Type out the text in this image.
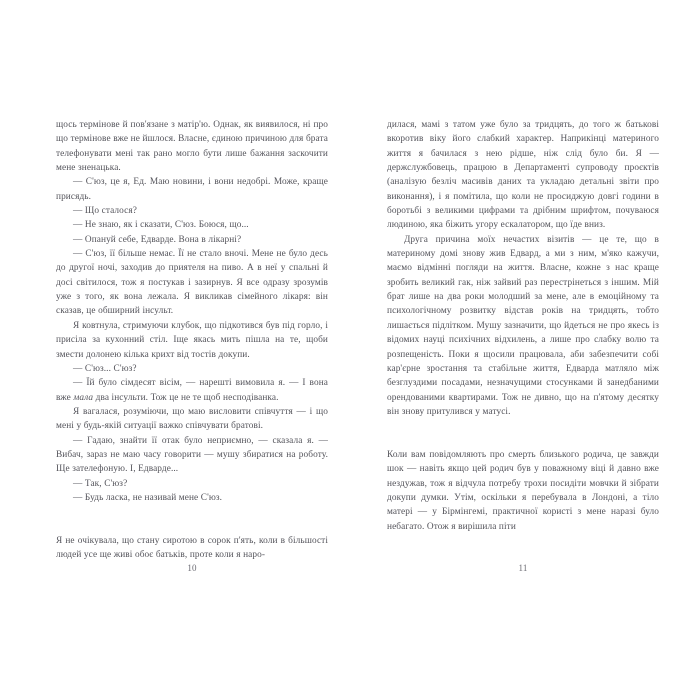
щось термінове й пов'язане з матір'ю. Однак, як виявилося, ні про що термінове вже не йшлося. Власне, єдиною причиною для брата телефонувати мені так рано могло бути лише бажання заскочити мене зненацька.

— С'юз, це я, Ед. Маю новини, і вони недобрі. Може, краще присядь.

— Що сталося?

— Не знаю, як і сказати, С'юз. Боюся, що...

— Опануй себе, Едварде. Вона в лікарні?

— С'юз, її більше немає. Її не стало вночі. Мене не було десь до другої ночі, заходив до приятеля на пиво. А в неї у спальні й досі світилося, тож я постукав і зазирнув. Я все одразу зрозумів уже з того, як вона лежала. Я викликав сімейного лікаря: він сказав, це обширний інсульт.

Я ковтнула, стримуючи клубок, що підкотився був під горло, і присіла за кухонний стіл. Іще якась мить пішла на те, щоби змести долонею кілька крихт від тостів докупи.

— С'юз... С'юз?

— Їй було сімдесят вісім, — нарешті вимовила я. — І вона вже мала два інсульти. Тож це не те щоб несподіванка.

Я вагалася, розуміючи, що маю висловити співчуття — і що мені у будь-якій ситуації важко співчувати братові.

— Гадаю, знайти її отак було неприємно, — сказала я. — Вибач, зараз не маю часу говорити — мушу збиратися на роботу. Ще зателефоную. І, Едварде...

— Так, С'юз?

— Будь ласка, не називай мене С'юз.

Я не очікувала, що стану сиротою в сорок п'ять, коли в більшості людей усе ще живі обоє батьків, проте коли я наро-

10

дилася, мамі з татом уже було за тридцять, до того ж батькові вкоротив віку його слабкий характер. Наприкінці материного життя я бачилася з нею рідше, ніж слід було би. Я — держслужбовець, працюю в Департаменті супроводу проєктів (аналізую безліч масивів даних та укладаю детальні звіти про виконання), і я помітила, що коли не просиджую довгі години в боротьбі з великими цифрами та дрібним шрифтом, почуваюся людиною, яка біжить угору ескалатором, що їде вниз.

Друга причина моїх нечастих візитів — це те, що в материному домі знову жив Едвард, а ми з ним, м'яко кажучи, маємо відмінні погляди на життя. Власне, кожне з нас краще зробить великий гак, ніж зайвий раз перестрінеться з іншим. Мій брат лише на два роки молодший за мене, але в емоційному та психологічному розвитку відстав років на тридцять, тобто лишається підлітком. Мушу зазначити, що йдеться не про якесь із відомих науці психічних відхилень, а лише про слабку волю та розпещеність. Поки я щосили працювала, аби забезпечити собі кар'єрне зростання та стабільне життя, Едварда матляло між безглуздими посадами, незначущими стосунками й занедбаними орендованими квартирами. Тож не дивно, що на п'ятому десятку він знову притулився у матусі.

Коли вам повідомляють про смерть близького родича, це завжди шок — навіть якщо цей родич був у поважному віці й давно вже нездужав, тож я відчула потребу трохи посидіти мовчки й зібрати докупи думки. Утім, оскільки я перебувала в Лондоні, а тіло матері — у Бірмінгемі, практичної користі з мене наразі було небагато. Отож я вирішила піти

11
